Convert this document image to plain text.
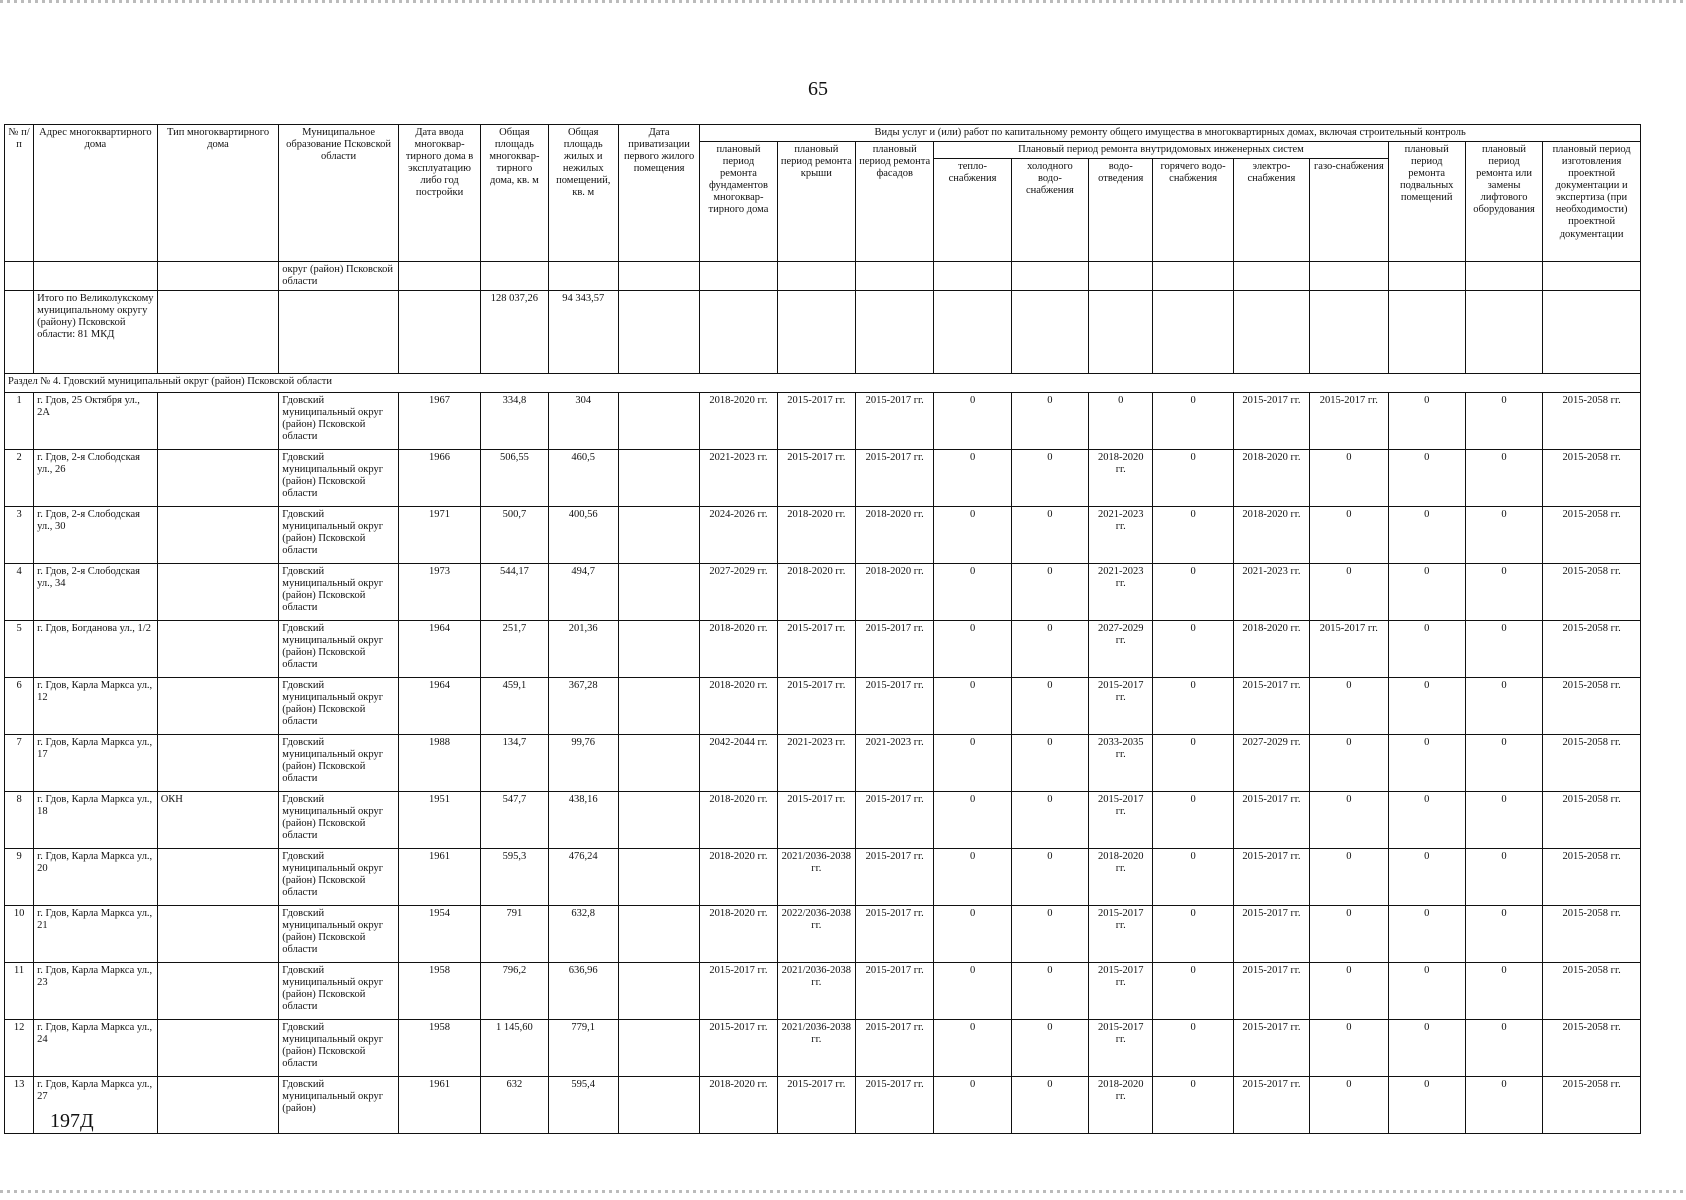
65
№ п/п	Адрес многоквартирного дома	Тип многоквартирного дома	Муниципальное образование Псковской области	Дата ввода многоквар-тирного дома в эксплуатацию либо год постройки	Общая площадь многоквар-тирного дома, кв. м	Общая площадь жилых и нежилых помещений, кв. м	Дата приватизации первого жилого помещения	Виды услуг и (или) работ по капитальному ремонту общего имущества в многоквартирных домах, включая строительный контроль											
								плановый период ремонта фундаментов многоквар-тирного дома	плановый период ремонта крыши	плановый период ремонта фасадов	Плановый период ремонта внутридомовых инженерных систем						плановый период ремонта подвальных помещений	плановый период ремонта или замены лифтового оборудования	плановый период изготовления проектной документации и экспертиза (при необходимости) проектной документации
											тепло-снабжения	холодного водо-снабжения	водо-отведения	горячего водо-снабжения	электро-снабжения	газо-снабжения			
			округ (район) Псковской области																
	Итого по Великолукскому муниципальному округу (району) Псковской области: 81 МКД				128 037,26	94 343,57													
Раздел № 4. Гдовский муниципальный округ (район) Псковской области																			
1	г. Гдов, 25 Октября ул., 2А		Гдовский муниципальный округ (район) Псковской области	1967	334,8	304		2018-2020 гг.	2015-2017 гг.	2015-2017 гг.	0	0	0	0	2015-2017 гг.	2015-2017 гг.	0	0	2015-2058 гг.
2	г. Гдов, 2-я Слободская ул., 26		Гдовский муниципальный округ (район) Псковской области	1966	506,55	460,5		2021-2023 гг.	2015-2017 гг.	2015-2017 гг.	0	0	2018-2020 гг.	0	2018-2020 гг.	0	0	0	2015-2058 гг.
3	г. Гдов, 2-я Слободская ул., 30		Гдовский муниципальный округ (район) Псковской области	1971	500,7	400,56		2024-2026 гг.	2018-2020 гг.	2018-2020 гг.	0	0	2021-2023 гг.	0	2018-2020 гг.	0	0	0	2015-2058 гг.
4	г. Гдов, 2-я Слободская ул., 34		Гдовский муниципальный округ (район) Псковской области	1973	544,17	494,7		2027-2029 гг.	2018-2020 гг.	2018-2020 гг.	0	0	2021-2023 гг.	0	2021-2023 гг.	0	0	0	2015-2058 гг.
5	г. Гдов, Богданова ул., 1/2		Гдовский муниципальный округ (район) Псковской области	1964	251,7	201,36		2018-2020 гг.	2015-2017 гг.	2015-2017 гг.	0	0	2027-2029 гг.	0	2018-2020 гг.	2015-2017 гг.	0	0	2015-2058 гг.
6	г. Гдов, Карла Маркса ул., 12		Гдовский муниципальный округ (район) Псковской области	1964	459,1	367,28		2018-2020 гг.	2015-2017 гг.	2015-2017 гг.	0	0	2015-2017 гг.	0	2015-2017 гг.	0	0	0	2015-2058 гг.
7	г. Гдов, Карла Маркса ул., 17		Гдовский муниципальный округ (район) Псковской области	1988	134,7	99,76		2042-2044 гг.	2021-2023 гг.	2021-2023 гг.	0	0	2033-2035 гг.	0	2027-2029 гг.	0	0	0	2015-2058 гг.
8	г. Гдов, Карла Маркса ул., 18	ОКН	Гдовский муниципальный округ (район) Псковской области	1951	547,7	438,16		2018-2020 гг.	2015-2017 гг.	2015-2017 гг.	0	0	2015-2017 гг.	0	2015-2017 гг.	0	0	0	2015-2058 гг.
9	г. Гдов, Карла Маркса ул., 20		Гдовский муниципальный округ (район) Псковской области	1961	595,3	476,24		2018-2020 гг.	2021/2036-2038 гг.	2015-2017 гг.	0	0	2018-2020 гг.	0	2015-2017 гг.	0	0	0	2015-2058 гг.
10	г. Гдов, Карла Маркса ул., 21		Гдовский муниципальный округ (район) Псковской области	1954	791	632,8		2018-2020 гг.	2022/2036-2038 гг.	2015-2017 гг.	0	0	2015-2017 гг.	0	2015-2017 гг.	0	0	0	2015-2058 гг.
11	г. Гдов, Карла Маркса ул., 23		Гдовский муниципальный округ (район) Псковской области	1958	796,2	636,96		2015-2017 гг.	2021/2036-2038 гг.	2015-2017 гг.	0	0	2015-2017 гг.	0	2015-2017 гг.	0	0	0	2015-2058 гг.
12	г. Гдов, Карла Маркса ул., 24		Гдовский муниципальный округ (район) Псковской области	1958	1 145,60	779,1		2015-2017 гг.	2021/2036-2038 гг.	2015-2017 гг.	0	0	2015-2017 гг.	0	2015-2017 гг.	0	0	0	2015-2058 гг.
13	г. Гдов, Карла Маркса ул., 27		Гдовский муниципальный округ (район)	1961	632	595,4		2018-2020 гг.	2015-2017 гг.	2015-2017 гг.	0	0	2018-2020 гг.	0	2015-2017 гг.	0	0	0	2015-2058 гг.
197Д
